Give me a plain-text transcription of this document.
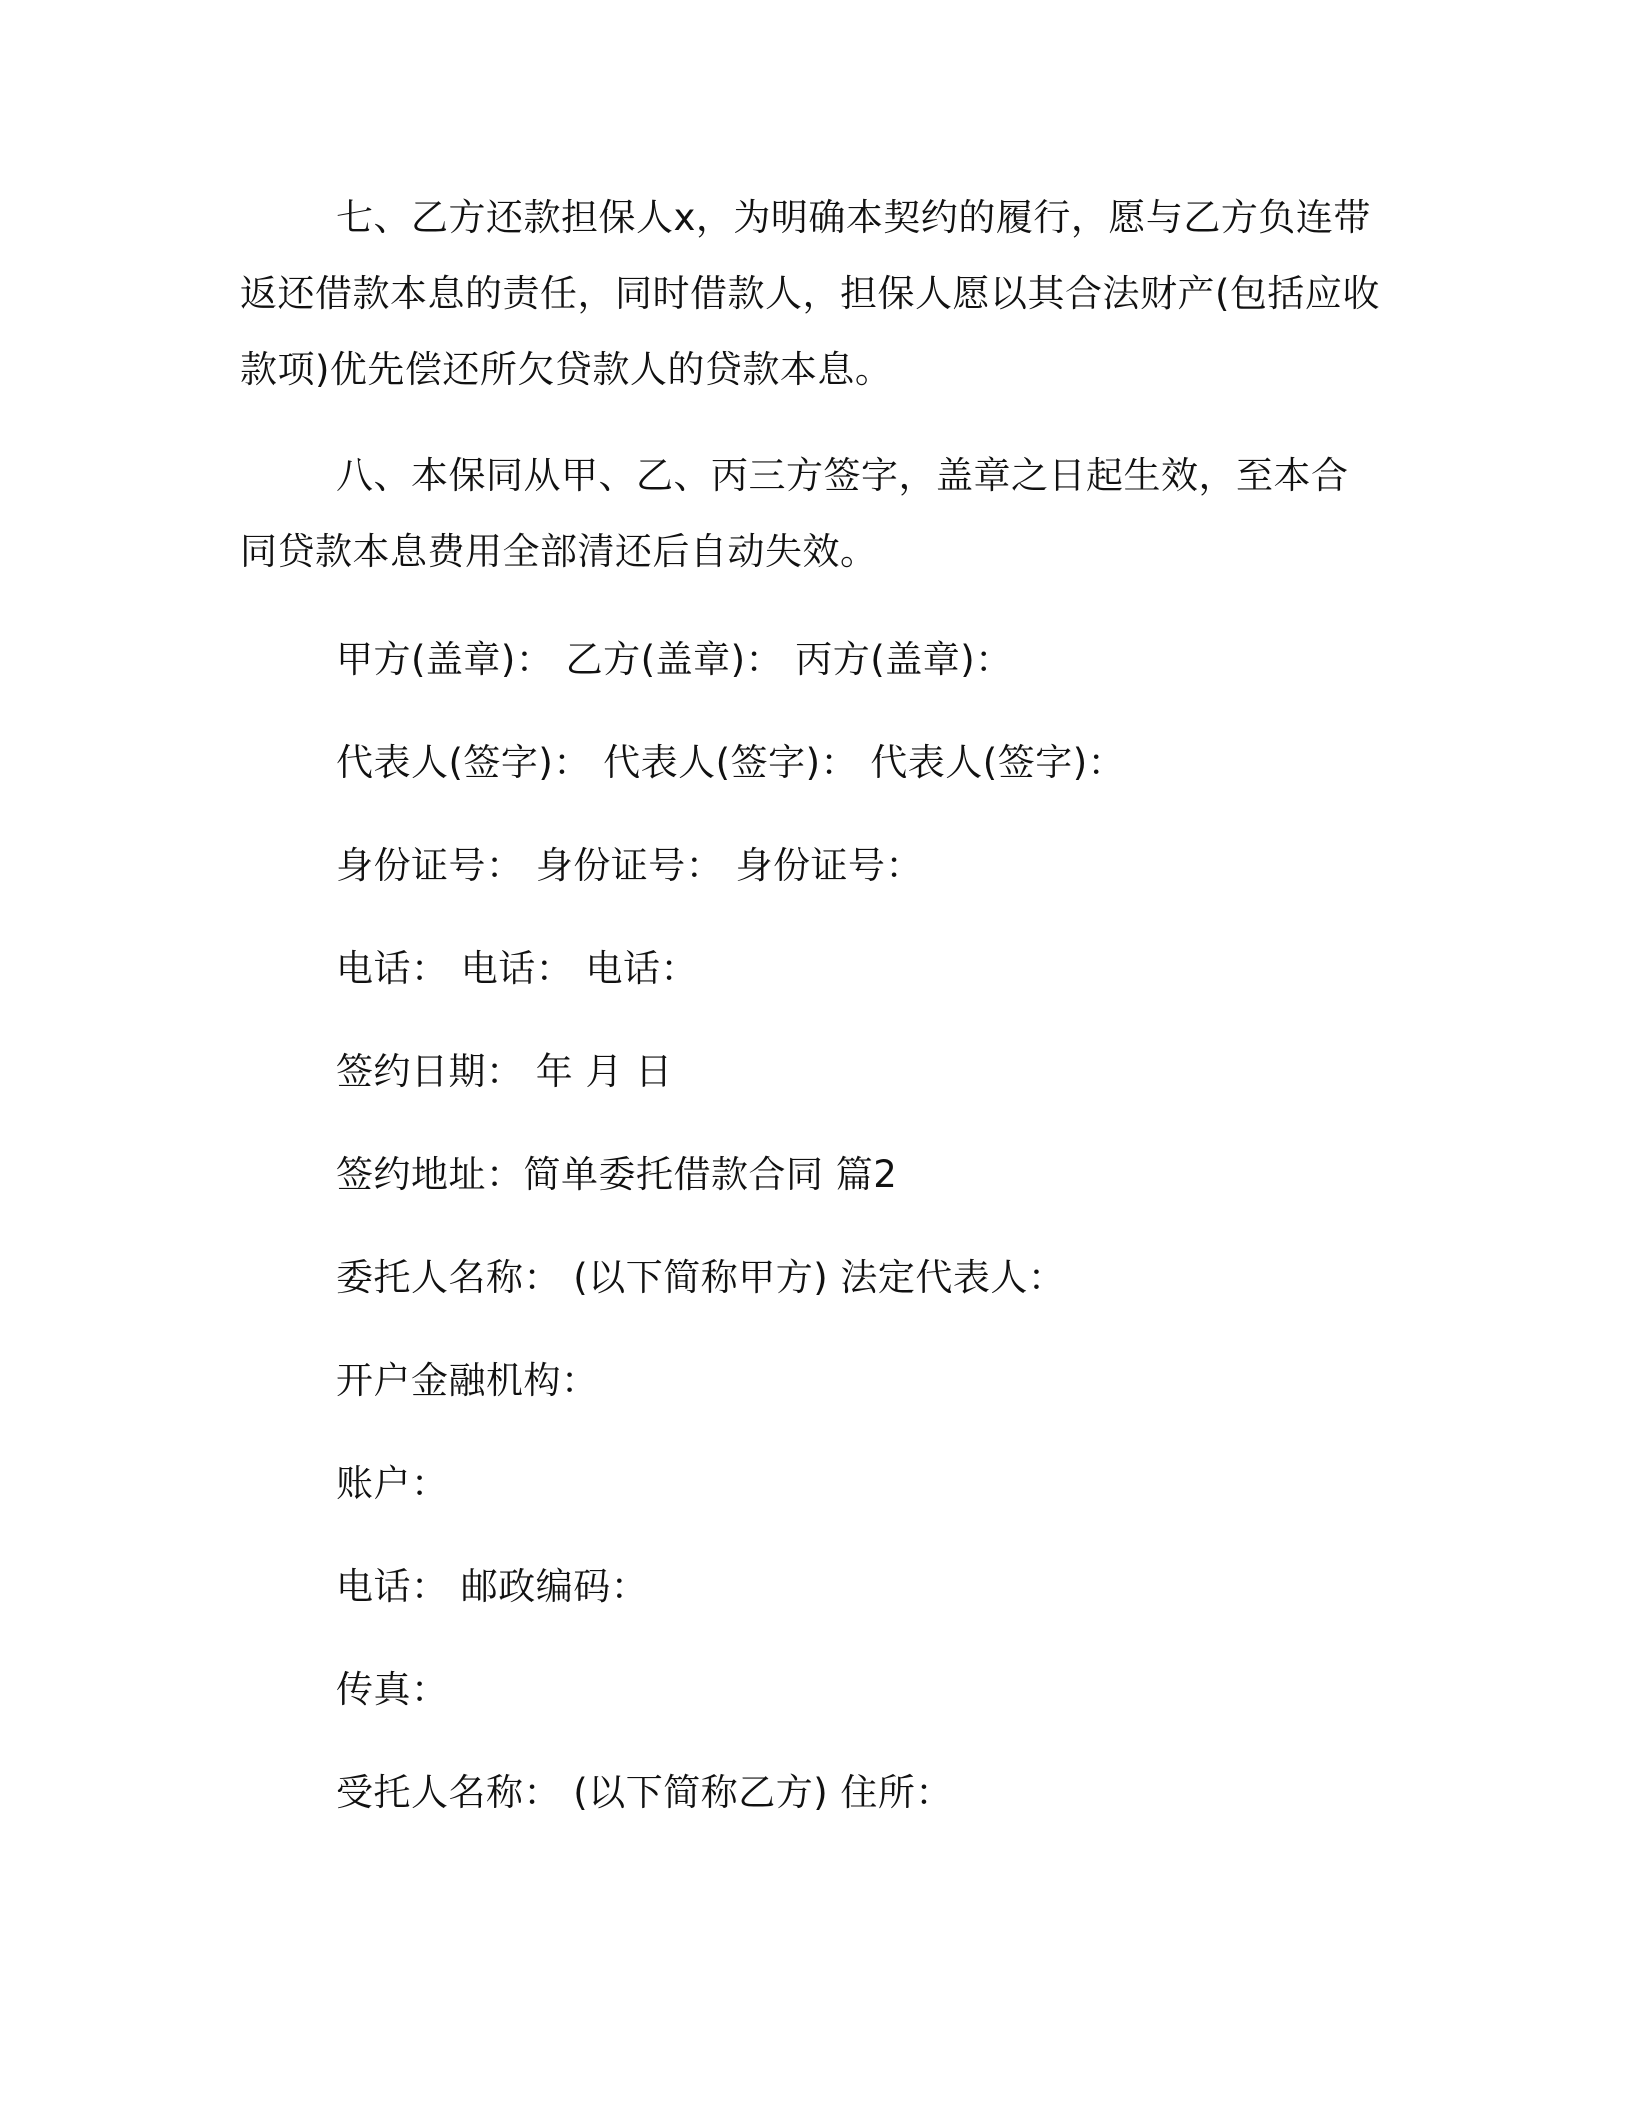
七、乙方还款担保人x，为明确本契约的履行，愿与乙方负连带返还借款本息的责任，同时借款人，担保人愿以其合法财产(包括应收款项)优先偿还所欠贷款人的贷款本息。

八、本保同从甲、乙、丙三方签字，盖章之日起生效，至本合同贷款本息费用全部清还后自动失效。

甲方(盖章)： 乙方(盖章)： 丙方(盖章)：

代表人(签字)： 代表人(签字)： 代表人(签字)：

身份证号： 身份证号： 身份证号：

电话： 电话： 电话：

签约日期： 年 月 日

签约地址：简单委托借款合同 篇2

委托人名称： (以下简称甲方) 法定代表人：

开户金融机构：

账户：

电话： 邮政编码：

传真：

受托人名称： (以下简称乙方) 住所：
